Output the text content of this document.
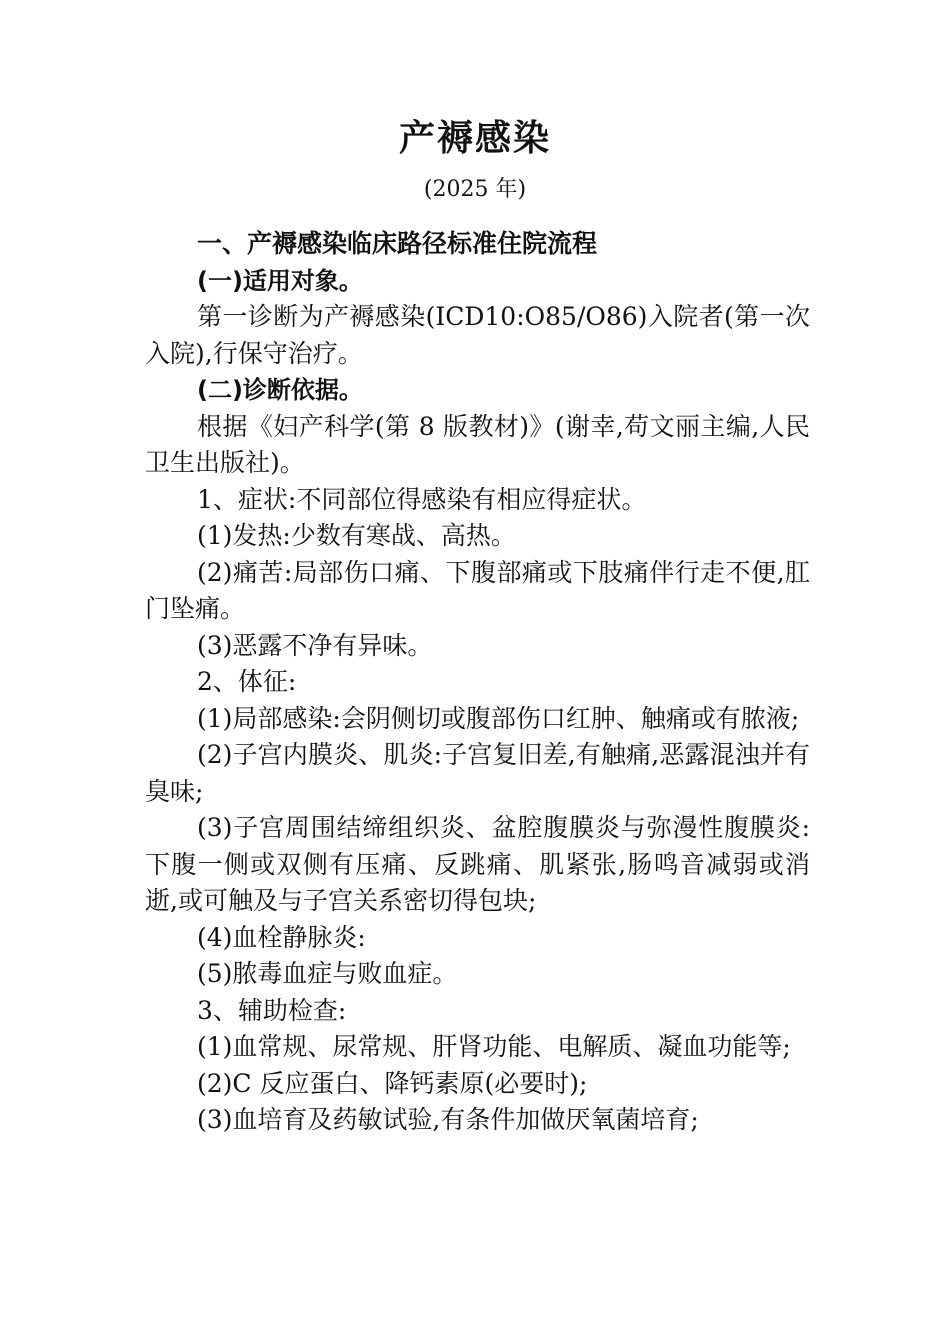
产褥感染
(2025 年)

一、产褥感染临床路径标准住院流程

(一)适用对象。

第一诊断为产褥感染(ICD10:O85/O86)入院者(第一次入院),行保守治疗。

(二)诊断依据。

根据《妇产科学(第 8 版教材)》(谢幸,苟文丽主编,人民卫生出版社)。

1、症状:不同部位得感染有相应得症状。

(1)发热:少数有寒战、高热。

(2)痛苦:局部伤口痛、下腹部痛或下肢痛伴行走不便,肛门坠痛。

(3)恶露不净有异味。

2、体征:

(1)局部感染:会阴侧切或腹部伤口红肿、触痛或有脓液;

(2)子宫内膜炎、肌炎:子宫复旧差,有触痛,恶露混浊并有臭味;

(3)子宫周围结缔组织炎、盆腔腹膜炎与弥漫性腹膜炎:下腹一侧或双侧有压痛、反跳痛、肌紧张,肠鸣音减弱或消逝,或可触及与子宫关系密切得包块;

(4)血栓静脉炎:

(5)脓毒血症与败血症。

3、辅助检查:

(1)血常规、尿常规、肝肾功能、电解质、凝血功能等;

(2)C 反应蛋白、降钙素原(必要时);

(3)血培育及药敏试验,有条件加做厌氧菌培育;
